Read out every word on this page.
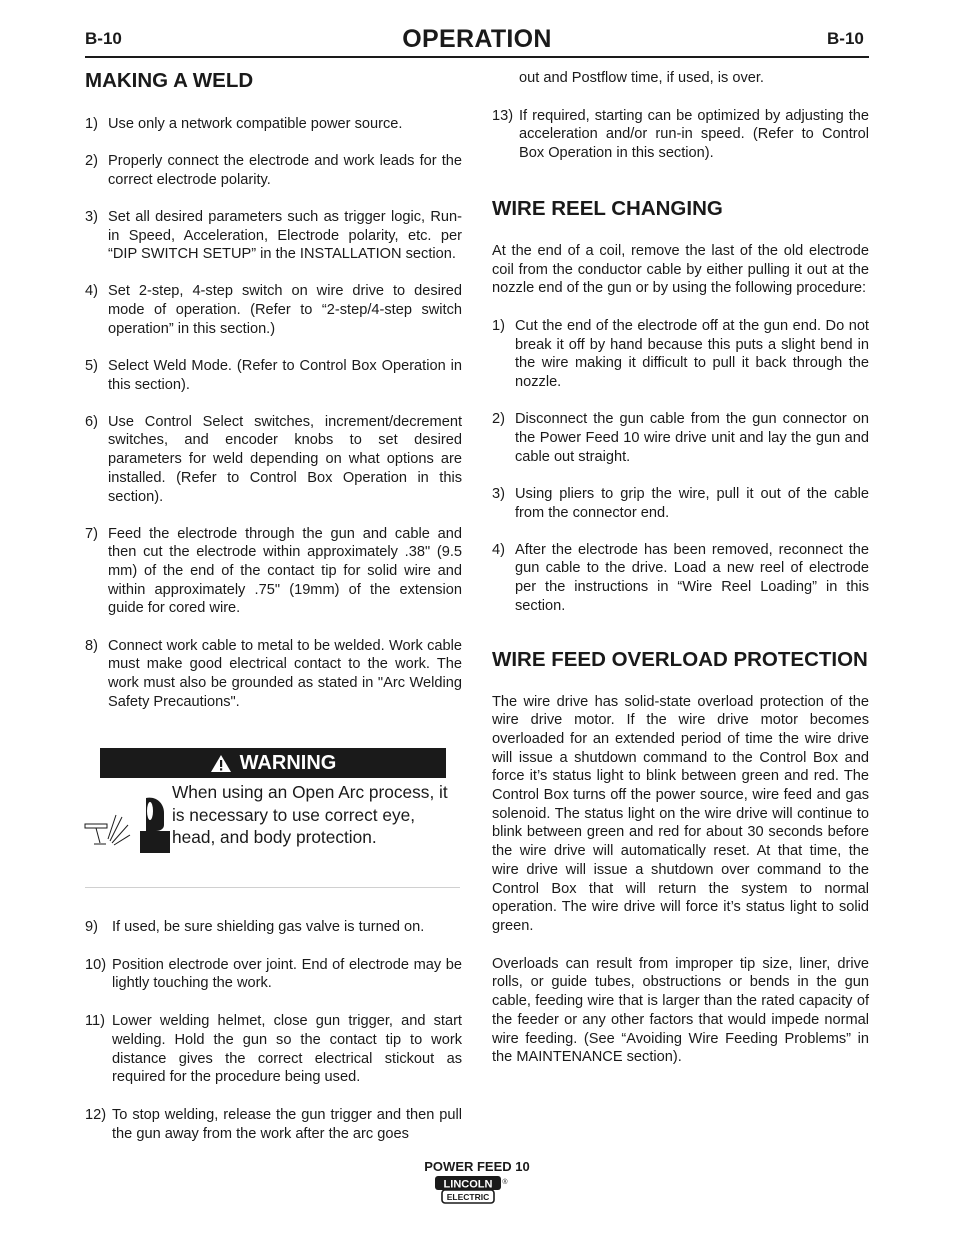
B-10	OPERATION	B-10
MAKING A WELD
1) Use only a network compatible power source.
2) Properly connect the electrode and work leads for the correct electrode polarity.
3) Set all desired parameters such as trigger logic, Run-in Speed, Acceleration, Electrode polarity, etc. per “DIP SWITCH SETUP” in the INSTALLATION section.
4) Set 2-step, 4-step switch on wire drive to desired mode of operation. (Refer to “2-step/4-step switch operation” in this section.)
5) Select Weld Mode. (Refer to Control Box Operation in this section).
6) Use Control Select switches, increment/decrement switches, and encoder knobs to set desired parameters for weld depending on what options are installed. (Refer to Control Box Operation in this section).
7) Feed the electrode through the gun and cable and then cut the electrode within approximately .38" (9.5 mm) of the end of the contact tip for solid wire and within approximately .75" (19mm) of the extension guide for cored wire.
8) Connect work cable to metal to be welded. Work cable must make good electrical contact to the work. The work must also be grounded as stated in "Arc Welding Safety Precautions".
WARNING
When using an Open Arc process, it is necessary to use correct eye, head, and body protection.
9) If used, be sure shielding gas valve is turned on.
10) Position electrode over joint. End of electrode may be lightly touching the work.
11) Lower welding helmet, close gun trigger, and start welding. Hold the gun so the contact tip to work distance gives the correct electrical stickout as required for the procedure being used.
12) To stop welding, release the gun trigger and then pull the gun away from the work after the arc goes

out and Postflow time, if used, is over.

13) If required, starting can be optimized by adjusting the acceleration and/or run-in speed. (Refer to Control Box Operation in this section).
WIRE REEL CHANGING

At the end of a coil, remove the last of the old electrode coil from the conductor cable by either pulling it out at the nozzle end of the gun or by using the following procedure:

1) Cut the end of the electrode off at the gun end. Do not break it off by hand because this puts a slight bend in the wire making it difficult to pull it back through the nozzle.
2) Disconnect the gun cable from the gun connector on the Power Feed 10 wire drive unit and lay the gun and cable out straight.
3) Using pliers to grip the wire, pull it out of the cable from the connector end.
4) After the electrode has been removed, reconnect the gun cable to the drive. Load a new reel of electrode per the instructions in “Wire Reel Loading” in this section.
WIRE FEED OVERLOAD PROTECTION

The wire drive has solid-state overload protection of the wire drive motor. If the wire drive motor becomes overloaded for an extended period of time the wire drive will issue a shutdown command to the Control Box and force it’s status light to blink between green and red. The Control Box turns off the power source, wire feed and gas solenoid. The status light on the wire drive will continue to blink between green and red for about 30 seconds before the wire drive will automatically reset. At that time, the wire drive will issue a shutdown over command to the Control Box that will return the system to normal operation. The wire drive will force it’s status light to solid green.

Overloads can result from improper tip size, liner, drive rolls, or guide tubes, obstructions or bends in the gun cable, feeding wire that is larger than the rated capacity of the feeder or any other factors that would impede normal wire feeding. (See “Avoiding Wire Feeding Problems” in the MAINTENANCE section).

POWER FEED 10
LINCOLN
ELECTRIC
®
